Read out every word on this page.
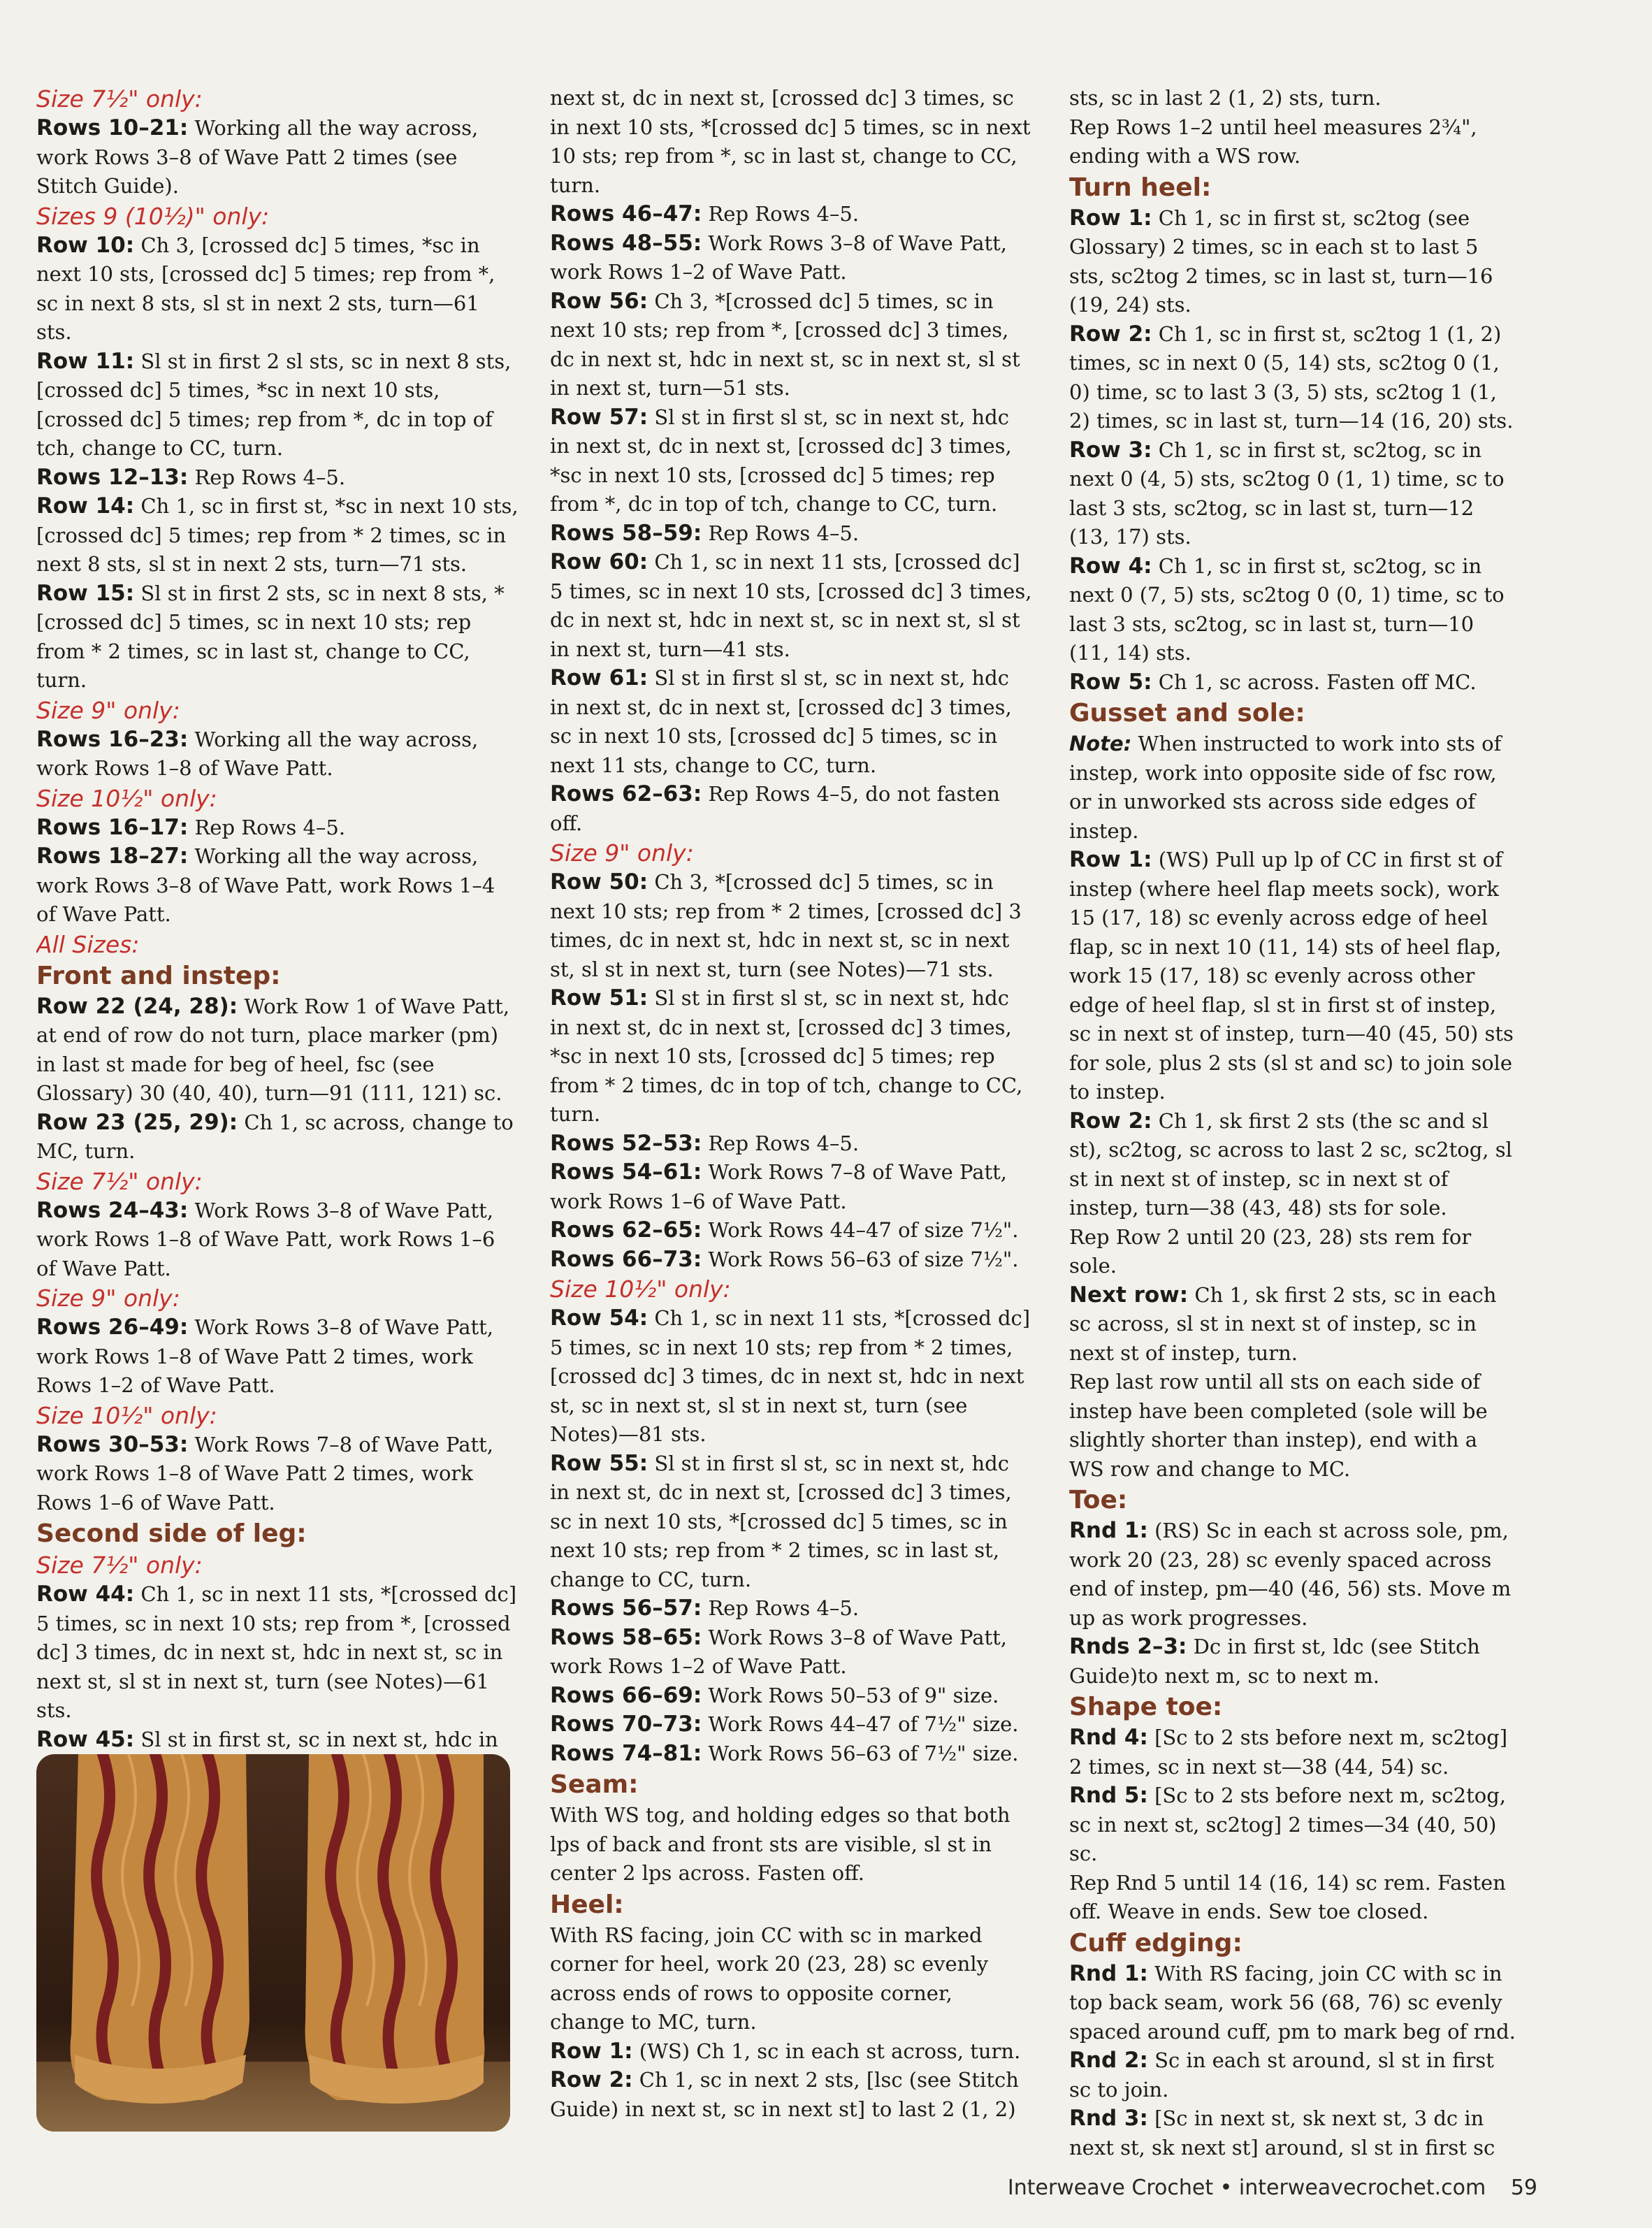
Size 7½" only:
Rows 10–21: Working all the way across, work Rows 3–8 of Wave Patt 2 times (see Stitch Guide).
Sizes 9 (10½)" only:
Row 10: Ch 3, [crossed dc] 5 times, *sc in next 10 sts, [crossed dc] 5 times; rep from *, sc in next 8 sts, sl st in next 2 sts, turn—61 sts.
Row 11: Sl st in first 2 sl sts, sc in next 8 sts, [crossed dc] 5 times, *sc in next 10 sts, [crossed dc] 5 times; rep from *, dc in top of tch, change to CC, turn.
Rows 12–13: Rep Rows 4–5.
Row 14: Ch 1, sc in first st, *sc in next 10 sts, [crossed dc] 5 times; rep from * 2 times, sc in next 8 sts, sl st in next 2 sts, turn—71 sts.
Row 15: Sl st in first 2 sts, sc in next 8 sts, *[crossed dc] 5 times, sc in next 10 sts; rep from * 2 times, sc in last st, change to CC, turn.
Size 9" only:
Rows 16–23: Working all the way across, work Rows 1–8 of Wave Patt.
Size 10½" only:
Rows 16–17: Rep Rows 4–5.
Rows 18–27: Working all the way across, work Rows 3–8 of Wave Patt, work Rows 1–4 of Wave Patt.
All Sizes:
Front and instep:
Row 22 (24, 28): Work Row 1 of Wave Patt, at end of row do not turn, place marker (pm) in last st made for beg of heel, fsc (see Glossary) 30 (40, 40), turn—91 (111, 121) sc.
Row 23 (25, 29): Ch 1, sc across, change to MC, turn.
Size 7½" only:
Rows 24–43: Work Rows 3–8 of Wave Patt, work Rows 1–8 of Wave Patt, work Rows 1–6 of Wave Patt.
Size 9" only:
Rows 26–49: Work Rows 3–8 of Wave Patt, work Rows 1–8 of Wave Patt 2 times, work Rows 1–2 of Wave Patt.
Size 10½" only:
Rows 30–53: Work Rows 7–8 of Wave Patt, work Rows 1–8 of Wave Patt 2 times, work Rows 1–6 of Wave Patt.
Second side of leg:
Size 7½" only:
Row 44: Ch 1, sc in next 11 sts, *[crossed dc] 5 times, sc in next 10 sts; rep from *, [crossed dc] 3 times, dc in next st, hdc in next st, sc in next st, sl st in next st, turn (see Notes)—61 sts.
Row 45: Sl st in first st, sc in next st, hdc in
next st, dc in next st, [crossed dc] 3 times, sc in next 10 sts, *[crossed dc] 5 times, sc in next 10 sts; rep from *, sc in last st, change to CC, turn.
Rows 46–47: Rep Rows 4–5.
Rows 48–55: Work Rows 3–8 of Wave Patt, work Rows 1–2 of Wave Patt.
Row 56: Ch 3, *[crossed dc] 5 times, sc in next 10 sts; rep from *, [crossed dc] 3 times, dc in next st, hdc in next st, sc in next st, sl st in next st, turn—51 sts.
Row 57: Sl st in first sl st, sc in next st, hdc in next st, dc in next st, [crossed dc] 3 times, *sc in next 10 sts, [crossed dc] 5 times; rep from *, dc in top of tch, change to CC, turn.
Rows 58–59: Rep Rows 4–5.
Row 60: Ch 1, sc in next 11 sts, [crossed dc] 5 times, sc in next 10 sts, [crossed dc] 3 times, dc in next st, hdc in next st, sc in next st, sl st in next st, turn—41 sts.
Row 61: Sl st in first sl st, sc in next st, hdc in next st, dc in next st, [crossed dc] 3 times, sc in next 10 sts, [crossed dc] 5 times, sc in next 11 sts, change to CC, turn.
Rows 62–63: Rep Rows 4–5, do not fasten off.
Size 9" only:
Row 50: Ch 3, *[crossed dc] 5 times, sc in next 10 sts; rep from * 2 times, [crossed dc] 3 times, dc in next st, hdc in next st, sc in next st, sl st in next st, turn (see Notes)—71 sts.
Row 51: Sl st in first sl st, sc in next st, hdc in next st, dc in next st, [crossed dc] 3 times, *sc in next 10 sts, [crossed dc] 5 times; rep from * 2 times, dc in top of tch, change to CC, turn.
Rows 52–53: Rep Rows 4–5.
Rows 54–61: Work Rows 7–8 of Wave Patt, work Rows 1–6 of Wave Patt.
Rows 62–65: Work Rows 44–47 of size 7½".
Rows 66–73: Work Rows 56–63 of size 7½".
Size 10½" only:
Row 54: Ch 1, sc in next 11 sts, *[crossed dc] 5 times, sc in next 10 sts; rep from * 2 times, [crossed dc] 3 times, dc in next st, hdc in next st, sc in next st, sl st in next st, turn (see Notes)—81 sts.
Row 55: Sl st in first sl st, sc in next st, hdc in next st, dc in next st, [crossed dc] 3 times, sc in next 10 sts, *[crossed dc] 5 times, sc in next 10 sts; rep from * 2 times, sc in last st, change to CC, turn.
Rows 56–57: Rep Rows 4–5.
Rows 58–65: Work Rows 3–8 of Wave Patt, work Rows 1–2 of Wave Patt.
Rows 66–69: Work Rows 50–53 of 9" size.
Rows 70–73: Work Rows 44–47 of 7½" size.
Rows 74–81: Work Rows 56–63 of 7½" size.
Seam:
With WS tog, and holding edges so that both lps of back and front sts are visible, sl st in center 2 lps across. Fasten off.
Heel:
With RS facing, join CC with sc in marked corner for heel, work 20 (23, 28) sc evenly across ends of rows to opposite corner, change to MC, turn.
Row 1: (WS) Ch 1, sc in each st across, turn.
Row 2: Ch 1, sc in next 2 sts, [lsc (see Stitch Guide) in next st, sc in next st] to last 2 (1, 2)
sts, sc in last 2 (1, 2) sts, turn.
Rep Rows 1–2 until heel measures 2¾", ending with a WS row.
Turn heel:
Row 1: Ch 1, sc in first st, sc2tog (see Glossary) 2 times, sc in each st to last 5 sts, sc2tog 2 times, sc in last st, turn—16 (19, 24) sts.
Row 2: Ch 1, sc in first st, sc2tog 1 (1, 2) times, sc in next 0 (5, 14) sts, sc2tog 0 (1, 0) time, sc to last 3 (3, 5) sts, sc2tog 1 (1, 2) times, sc in last st, turn—14 (16, 20) sts.
Row 3: Ch 1, sc in first st, sc2tog, sc in next 0 (4, 5) sts, sc2tog 0 (1, 1) time, sc to last 3 sts, sc2tog, sc in last st, turn—12 (13, 17) sts.
Row 4: Ch 1, sc in first st, sc2tog, sc in next 0 (7, 5) sts, sc2tog 0 (0, 1) time, sc to last 3 sts, sc2tog, sc in last st, turn—10 (11, 14) sts.
Row 5: Ch 1, sc across. Fasten off MC.
Gusset and sole:
Note: When instructed to work into sts of instep, work into opposite side of fsc row, or in unworked sts across side edges of instep.
Row 1: (WS) Pull up lp of CC in first st of instep (where heel flap meets sock), work 15 (17, 18) sc evenly across edge of heel flap, sc in next 10 (11, 14) sts of heel flap, work 15 (17, 18) sc evenly across other edge of heel flap, sl st in first st of instep, sc in next st of instep, turn—40 (45, 50) sts for sole, plus 2 sts (sl st and sc) to join sole to instep.
Row 2: Ch 1, sk first 2 sts (the sc and sl st), sc2tog, sc across to last 2 sc, sc2tog, sl st in next st of instep, sc in next st of instep, turn—38 (43, 48) sts for sole.
Rep Row 2 until 20 (23, 28) sts rem for sole.
Next row: Ch 1, sk first 2 sts, sc in each sc across, sl st in next st of instep, sc in next st of instep, turn.
Rep last row until all sts on each side of instep have been completed (sole will be slightly shorter than instep), end with a WS row and change to MC.
Toe:
Rnd 1: (RS) Sc in each st across sole, pm, work 20 (23, 28) sc evenly spaced across end of instep, pm—40 (46, 56) sts. Move m up as work progresses.
Rnds 2–3: Dc in first st, ldc (see Stitch Guide)to next m, sc to next m.
Shape toe:
Rnd 4: [Sc to 2 sts before next m, sc2tog] 2 times, sc in next st—38 (44, 54) sc.
Rnd 5: [Sc to 2 sts before next m, sc2tog, sc in next st, sc2tog] 2 times—34 (40, 50) sc.
Rep Rnd 5 until 14 (16, 14) sc rem. Fasten off. Weave in ends. Sew toe closed.
Cuff edging:
Rnd 1: With RS facing, join CC with sc in top back seam, work 56 (68, 76) sc evenly spaced around cuff, pm to mark beg of rnd.
Rnd 2: Sc in each st around, sl st in first sc to join.
Rnd 3: [Sc in next st, sk next st, 3 dc in next st, sk next st] around, sl st in first sc
Interweave Crochet • interweavecrochet.com 59
